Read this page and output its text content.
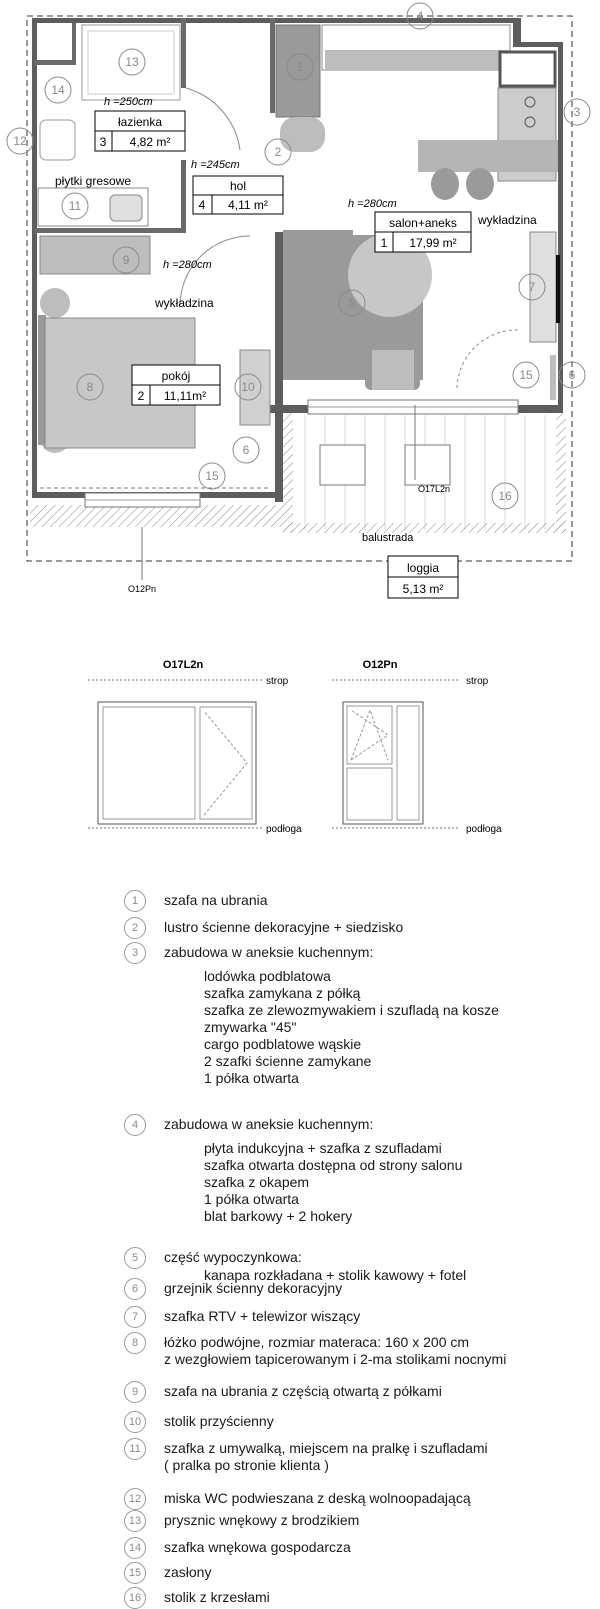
łazienka
3 4,82 m²
hol
4 4,11 m²
salon+aneks
1 17,99 m²
pokój
2 11,11m²
loggia
5,13 m²
h =250cm
h =245cm
h =280cm
h =280cm
płytki gresowe
wykładzina
wykładzina
balustrada
O17L2n
O12Pn
1
2
3
4
5
6
6
7
8
9
10
11
12
13
14
15
15
16
O17L2n
strop
podłoga
O12Pn
strop
podłoga
1	szafa na ubrania
2	lustro ścienne dekoracyjne + siedzisko
3	zabudowa w aneksie kuchennym:
lodówka podblatowa
szafka zamykana z półką
szafka ze zlewozmywakiem i szufladą na kosze
zmywarka "45"
cargo podblatowe wąskie
2 szafki ścienne zamykane
1 półka otwarta
4	zabudowa w aneksie kuchennym:
płyta indukcyjna + szafka z szufladami
szafka otwarta dostępna od strony salonu
szafka z okapem
1 półka otwarta
blat barkowy + 2 hokery
5	część wypoczynkowa:
kanapa rozkładana + stolik kawowy + fotel
6	grzejnik ścienny dekoracyjny
7	szafka RTV + telewizor wiszący
8	łóżko podwójne, rozmiar materaca: 160 x 200 cm
z wezgłowiem tapicerowanym i 2-ma stolikami nocnymi
9	szafa na ubrania z częścią otwartą z półkami
10	stolik przyścienny
11	szafka z umywalką, miejscem na pralkę i szufladami
( pralka po stronie klienta )
12	miska WC podwieszana z deską wolnoopadającą
13	prysznic wnękowy z brodzikiem
14	szafka wnękowa gospodarcza
15	zasłony
16	stolik z krzesłami
